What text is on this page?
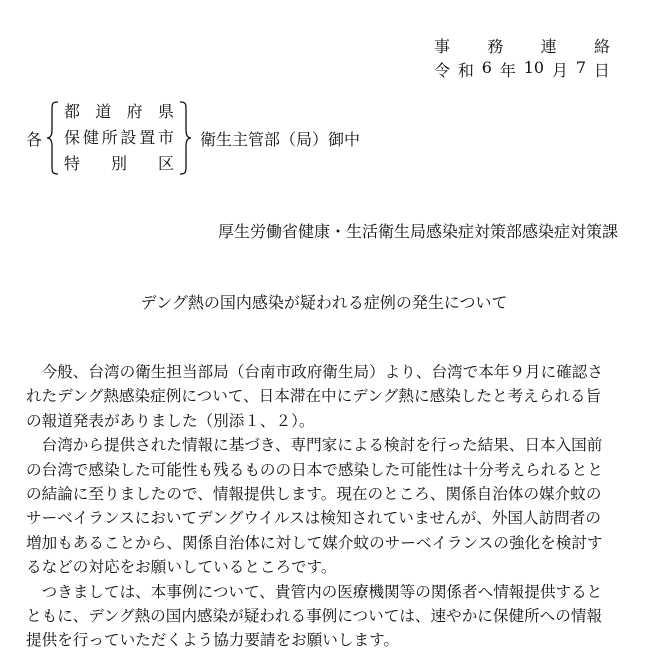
事 務 連 絡
令 和 6 年 10 月 7 日
各
都 道 府 県
保 健 所 設 置 市
特 別 区
衛生主管部（局）御中
厚生労働省健康・生活衛生局感染症対策部感染症対策課
デング熱の国内感染が疑われる症例の発生について

今般、台湾の衛生担当部局（台南市政府衛生局）より、台湾で本年９月に確認さ
れたデング熱感染症例について、日本滞在中にデング熱に感染したと考えられる旨
の報道発表がありました（別添１、２）。

台湾から提供された情報に基づき、専門家による検討を行った結果、日本入国前
の台湾で感染した可能性も残るものの日本で感染した可能性は十分考えられるとと
の結論に至りましたので、情報提供します。現在のところ、関係自治体の媒介蚊の
サーベイランスにおいてデングウイルスは検知されていませんが、外国人訪問者の
増加もあることから、関係自治体に対して媒介蚊のサーベイランスの強化を検討す
るなどの対応をお願いしているところです。

つきましては、本事例について、貴管内の医療機関等の関係者へ情報提供すると
ともに、デング熱の国内感染が疑われる事例については、速やかに保健所への情報
提供を行っていただくよう協力要請をお願いします。
